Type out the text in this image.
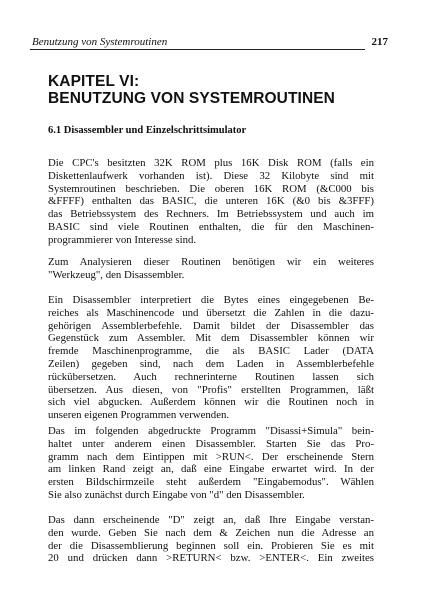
Benutzung von Systemroutinen	217
KAPITEL VI:
BENUTZUNG VON SYSTEMROUTINEN
6.1 Disassembler und Einzelschrittsimulator
Die CPC's besitzten 32K ROM plus 16K Disk ROM (falls ein
Diskettenlaufwerk vorhanden ist). Diese 32 Kilobyte sind mit
Systemroutinen beschrieben. Die oberen 16K ROM (&C000 bis
&FFFF) enthalten das BASIC, die unteren 16K (&0 bis &3FFF)
das Betriebssystem des Rechners. Im Betriebssystem und auch im
BASIC sind viele Routinen enthalten, die für den Maschinen-
programmierer von Interesse sind.
Zum Analysieren dieser Routinen benötigen wir ein weiteres
"Werkzeug", den Disassembler.
Ein Disassembler interpretiert die Bytes eines eingegebenen Be-
reiches als Maschinencode und übersetzt die Zahlen in die dazu-
gehörigen Assemblerbefehle. Damit bildet der Disassembler das
Gegenstück zum Assembler. Mit dem Disassembler können wir
fremde Maschinenprogramme, die als BASIC Lader (DATA
Zeilen) gegeben sind, nach dem Laden in Assemblerbefehle
rückübersetzen. Auch rechnerinterne Routinen lassen sich
übersetzen. Aus diesen, von "Profis" erstellten Programmen, läßt
sich viel abgucken. Außerdem können wir die Routinen noch in
unseren eigenen Programmen verwenden.
Das im folgenden abgedruckte Programm "Disassi+Simula" bein-
haltet unter anderem einen Disassembler. Starten Sie das Pro-
gramm nach dem Eintippen mit >RUN<. Der erscheinende Stern
am linken Rand zeigt an, daß eine Eingabe erwartet wird. In der
ersten Bildschirmzeile steht außerdem "Eingabemodus". Wählen
Sie also zunächst durch Eingabe von "d" den Disassembler.
Das dann erscheinende "D" zeigt an, daß Ihre Eingabe verstan-
den wurde. Geben Sie nach dem & Zeichen nun die Adresse an
der die Disassemblierung beginnen soll ein. Probieren Sie es mit
20 und drücken dann >RETURN< bzw. >ENTER<. Ein zweites
